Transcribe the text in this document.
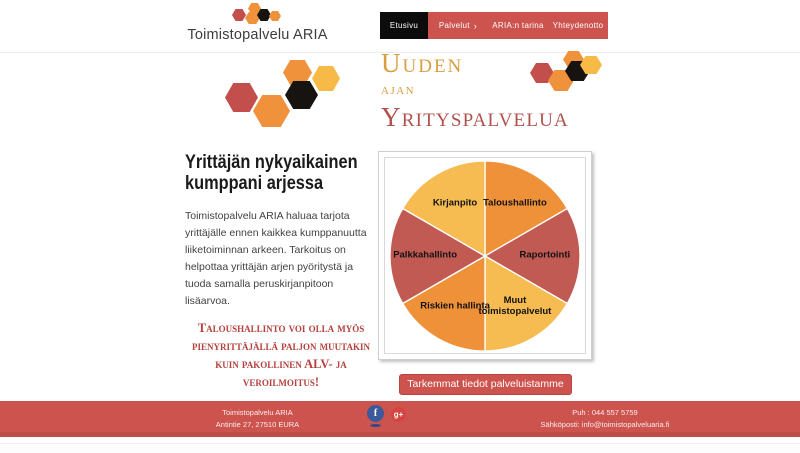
Toimistopalvelu ARIA
Etusivu	Palvelut › ARIA:n tarina Yhteydenotto
Uuden
ajan
Yrityspalvelua
Yrittäjän nykyaikainen kumppani arjessa
Toimistopalvelu ARIA haluaa tarjota yrittäjälle ennen kaikkea kumppanuutta liiketoiminnan arkeen. Tarkoitus on helpottaa yrittäjän arjen pyöritystä ja tuoda samalla peruskirjanpitoon lisäarvoa.
Taloushallinto voi olla myös pienyrittäjällä paljon muutakin kuin pakollinen ALV- ja veroilmoitus!
Taloushallinto
Raportointi
Muut toimistopalvelut
Riskien hallinta
Palkkahallinto
Kirjanpito
Tarkemmat tiedot palveluistamme
Toimistopalvelu ARIA
Antintie 27, 27510 EURA
f	g+	Puh : 044 557 5759
Sähköposti: info@toimistopalveluaria.fi
